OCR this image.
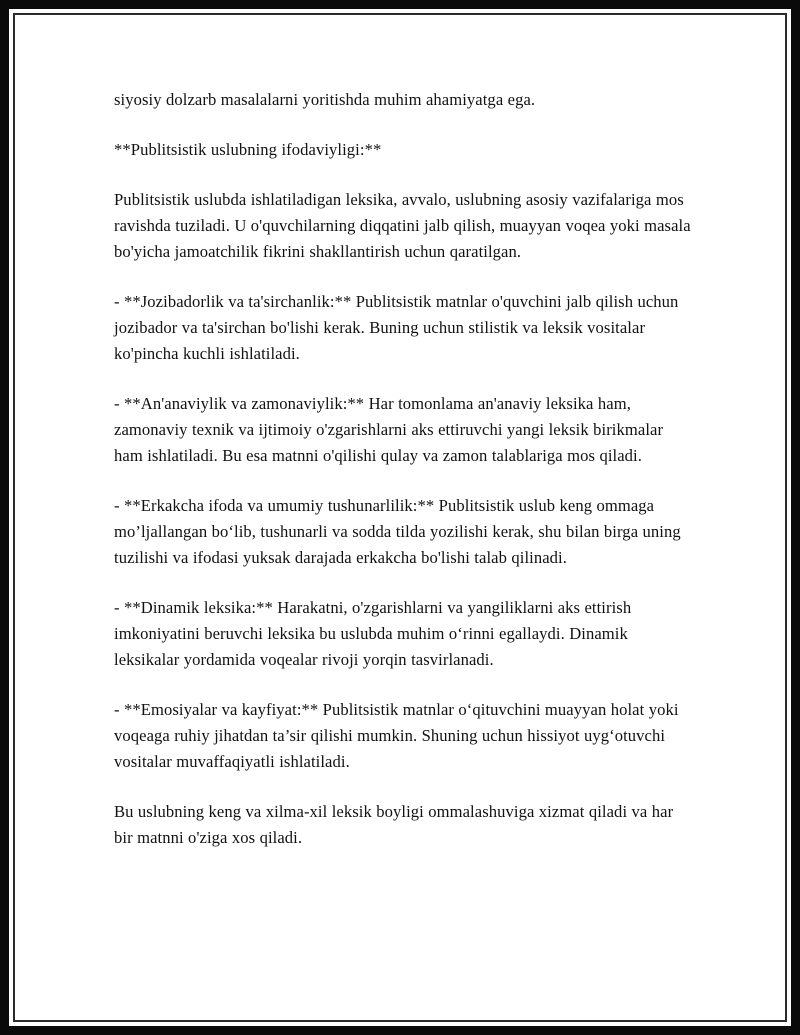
siyosiy dolzarb masalalarni yoritishda muhim ahamiyatga ega.

**Publitsistik uslubning ifodaviyligi:**

Publitsistik uslubda ishlatiladigan leksika, avvalo, uslubning asosiy vazifalariga mos ravishda tuziladi. U o'quvchilarning diqqatini jalb qilish, muayyan voqea yoki masala bo'yicha jamoatchilik fikrini shakllantirish uchun qaratilgan.

- **Jozibadorlik va ta'sirchanlik:** Publitsistik matnlar o'quvchini jalb qilish uchun jozibador va ta'sirchan bo'lishi kerak. Buning uchun stilistik va leksik vositalar ko'pincha kuchli ishlatiladi.

- **An'anaviylik va zamonaviylik:** Har tomonlama an'anaviy leksika ham, zamonaviy texnik va ijtimoiy o'zgarishlarni aks ettiruvchi yangi leksik birikmalar ham ishlatiladi. Bu esa matnni o'qilishi qulay va zamon talablariga mos qiladi.

- **Erkakcha ifoda va umumiy tushunarlilik:** Publitsistik uslub keng ommaga mo’ljallangan bo‘lib, tushunarli va sodda tilda yozilishi kerak, shu bilan birga uning tuzilishi va ifodasi yuksak darajada erkakcha bo'lishi talab qilinadi.

- **Dinamik leksika:** Harakatni, o'zgarishlarni va yangiliklarni aks ettirish imkoniyatini beruvchi leksika bu uslubda muhim o‘rinni egallaydi. Dinamik leksikalar yordamida voqealar rivoji yorqin tasvirlanadi.

- **Emosiyalar va kayfiyat:** Publitsistik matnlar o‘qituvchini muayyan holat yoki voqeaga ruhiy jihatdan ta’sir qilishi mumkin. Shuning uchun hissiyot uyg‘otuvchi vositalar muvaffaqiyatli ishlatiladi.

Bu uslubning keng va xilma-xil leksik boyligi ommalashuviga xizmat qiladi va har bir matnni o'ziga xos qiladi.
